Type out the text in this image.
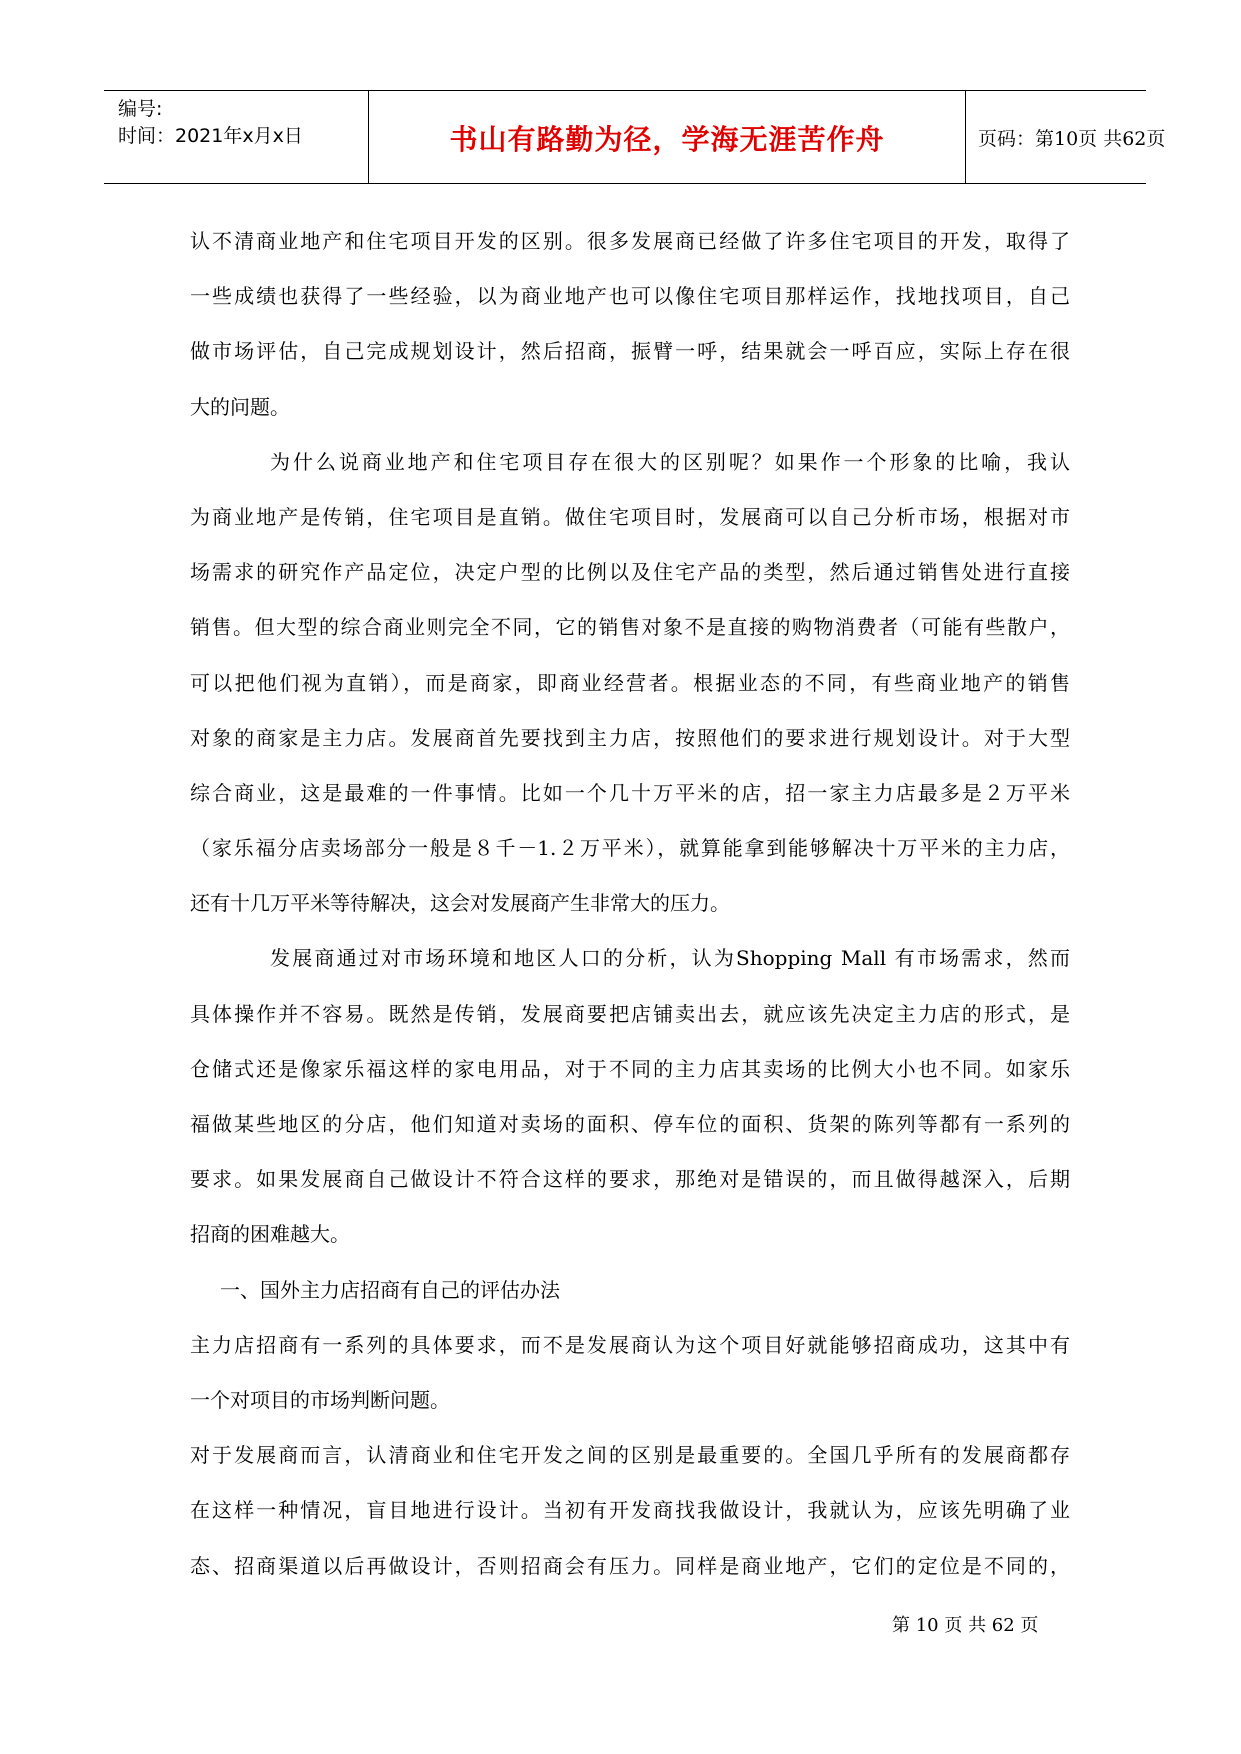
编号:
时间：2021年x月x日	书山有路勤为径，学海无涯苦作舟	页码：第10页 共62页
认不清商业地产和住宅项目开发的区别。很多发展商已经做了许多住宅项目的开发，取得了
一些成绩也获得了一些经验，以为商业地产也可以像住宅项目那样运作，找地找项目，自己
做市场评估，自己完成规划设计，然后招商，振臂一呼，结果就会一呼百应，实际上存在很
大的问题。
为什么说商业地产和住宅项目存在很大的区别呢？如果作一个形象的比喻，我认
为商业地产是传销，住宅项目是直销。做住宅项目时，发展商可以自己分析市场，根据对市
场需求的研究作产品定位，决定户型的比例以及住宅产品的类型，然后通过销售处进行直接
销售。但大型的综合商业则完全不同，它的销售对象不是直接的购物消费者（可能有些散户，
可以把他们视为直销），而是商家，即商业经营者。根据业态的不同，有些商业地产的销售
对象的商家是主力店。发展商首先要找到主力店，按照他们的要求进行规划设计。对于大型
综合商业，这是最难的一件事情。比如一个几十万平米的店，招一家主力店最多是２万平米
（家乐福分店卖场部分一般是８千－1.２万平米），就算能拿到能够解决十万平米的主力店，
还有十几万平米等待解决，这会对发展商产生非常大的压力。
发展商通过对市场环境和地区人口的分析，认为Shopping Mall 有市场需求，然而
具体操作并不容易。既然是传销，发展商要把店铺卖出去，就应该先决定主力店的形式，是
仓储式还是像家乐福这样的家电用品，对于不同的主力店其卖场的比例大小也不同。如家乐
福做某些地区的分店，他们知道对卖场的面积、停车位的面积、货架的陈列等都有一系列的
要求。如果发展商自己做设计不符合这样的要求，那绝对是错误的，而且做得越深入，后期
招商的困难越大。
一、国外主力店招商有自己的评估办法
主力店招商有一系列的具体要求，而不是发展商认为这个项目好就能够招商成功，这其中有
一个对项目的市场判断问题。
对于发展商而言，认清商业和住宅开发之间的区别是最重要的。全国几乎所有的发展商都存
在这样一种情况，盲目地进行设计。当初有开发商找我做设计，我就认为，应该先明确了业
态、招商渠道以后再做设计，否则招商会有压力。同样是商业地产，它们的定位是不同的，
第 10 页 共 62 页
